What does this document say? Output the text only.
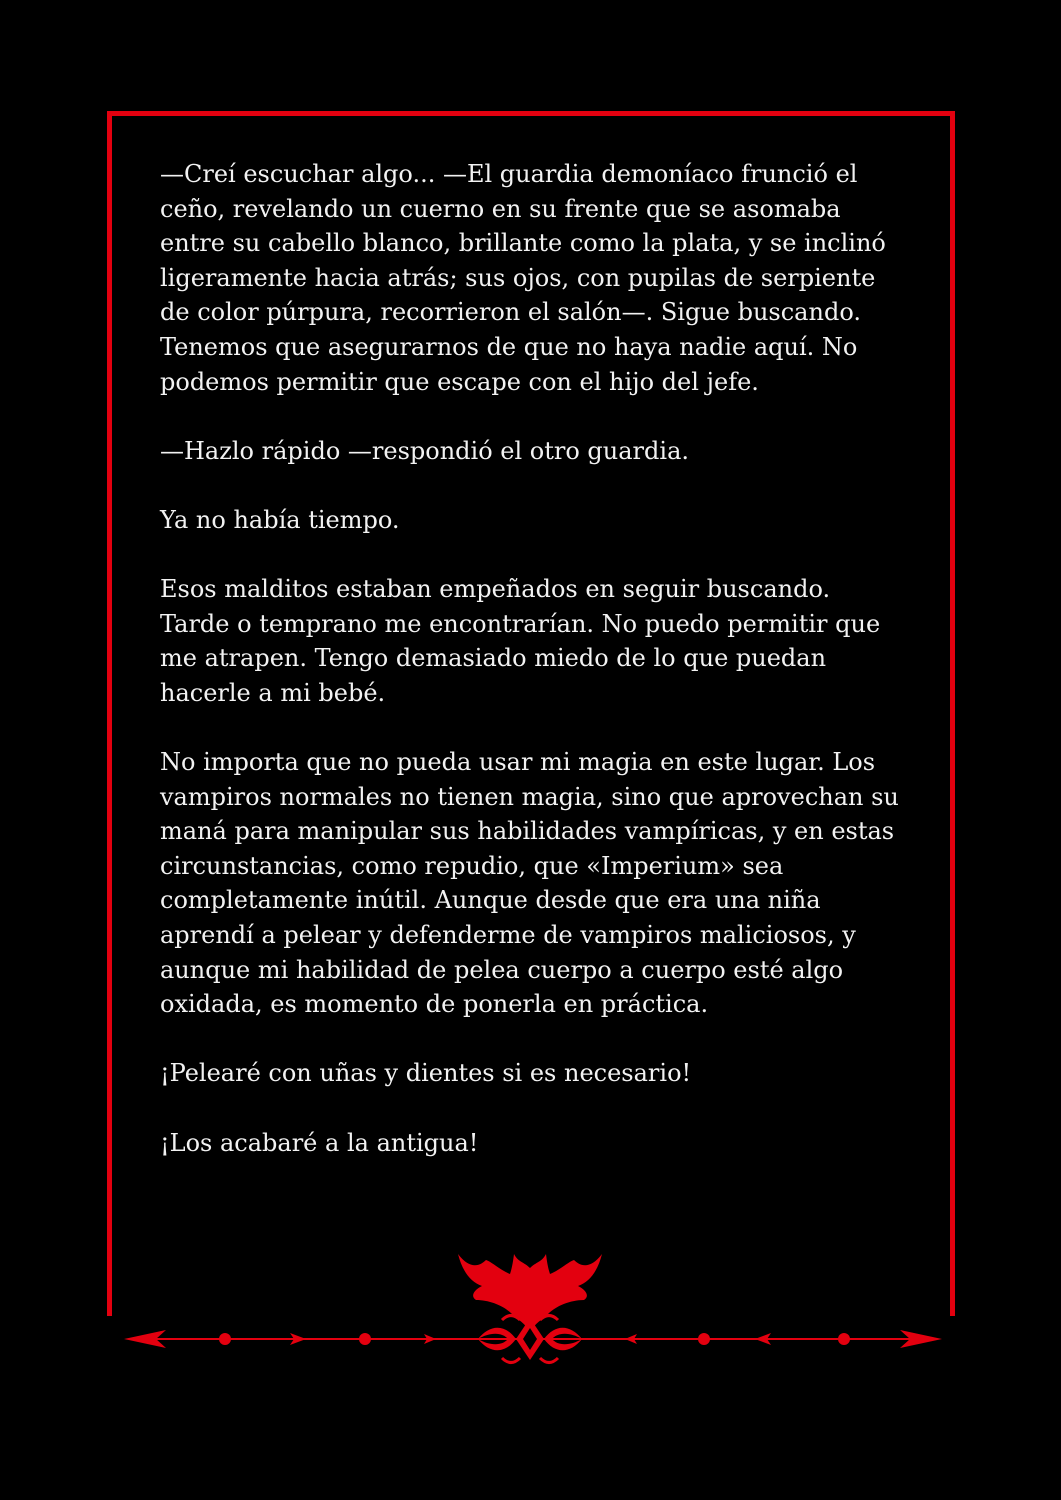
—Creí escuchar algo... —El guardia demoníaco frunció el ceño, revelando un cuerno en su frente que se asomaba entre su cabello blanco, brillante como la plata, y se inclinó ligeramente hacia atrás; sus ojos, con pupilas de serpiente de color púrpura, recorrieron el salón—. Sigue buscando. Tenemos que asegurarnos de que no haya nadie aquí. No podemos permitir que escape con el hijo del jefe.

—Hazlo rápido —respondió el otro guardia.

Ya no había tiempo.

Esos malditos estaban empeñados en seguir buscando. Tarde o temprano me encontrarían. No puedo permitir que me atrapen. Tengo demasiado miedo de lo que puedan hacerle a mi bebé.

No importa que no pueda usar mi magia en este lugar. Los vampiros normales no tienen magia, sino que aprovechan su maná para manipular sus habilidades vampíricas, y en estas circunstancias, como repudio, que «Imperium» sea completamente inútil. Aunque desde que era una niña aprendí a pelear y defenderme de vampiros maliciosos, y aunque mi habilidad de pelea cuerpo a cuerpo esté algo oxidada, es momento de ponerla en práctica.

¡Pelearé con uñas y dientes si es necesario!

¡Los acabaré a la antigua!
